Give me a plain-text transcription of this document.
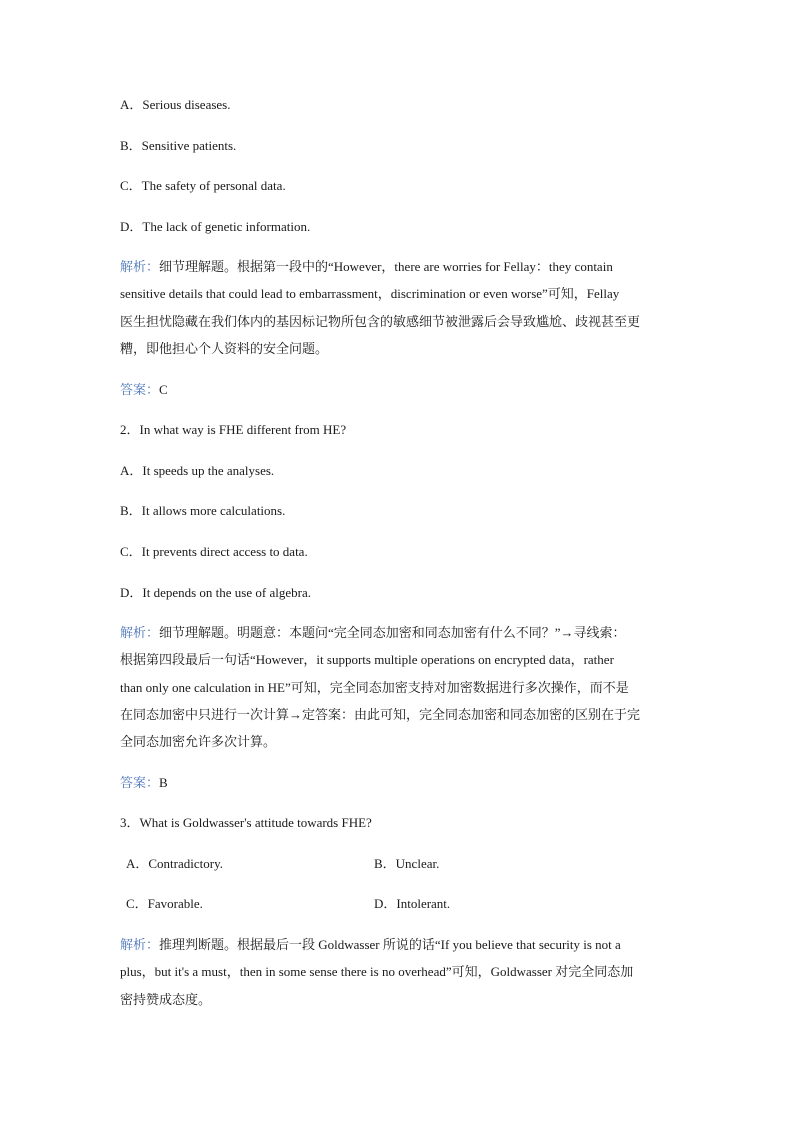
A．Serious diseases.
B．Sensitive patients.
C．The safety of personal data.
D．The lack of genetic information.
解析：细节理解题。根据第一段中的“However，there are worries for Fellay：they contain
sensitive details that could lead to embarrassment，discrimination or even worse”可知，Fellay
医生担忧隐藏在我们体内的基因标记物所包含的敏感细节被泄露后会导致尴尬、歧视甚至更
糟，即他担心个人资料的安全问题。
答案：C
2．In what way is FHE different from HE?
A．It speeds up the analyses.
B．It allows more calculations.
C．It prevents direct access to data.
D．It depends on the use of algebra.
解析：细节理解题。明题意：本题问“完全同态加密和同态加密有什么不同？”→寻线索：
根据第四段最后一句话“However，it supports multiple operations on encrypted data，rather
than only one calculation in HE”可知，完全同态加密支持对加密数据进行多次操作，而不是
在同态加密中只进行一次计算→定答案：由此可知，完全同态加密和同态加密的区别在于完
全同态加密允许多次计算。
答案：B
3．What is Goldwasser's attitude towards FHE?
A．Contradictory.	B．Unclear.
C．Favorable.	D．Intolerant.
解析：推理判断题。根据最后一段 Goldwasser 所说的话“If you believe that security is not a
plus，but it's a must，then in some sense there is no overhead”可知，Goldwasser 对完全同态加
密持赞成态度。
